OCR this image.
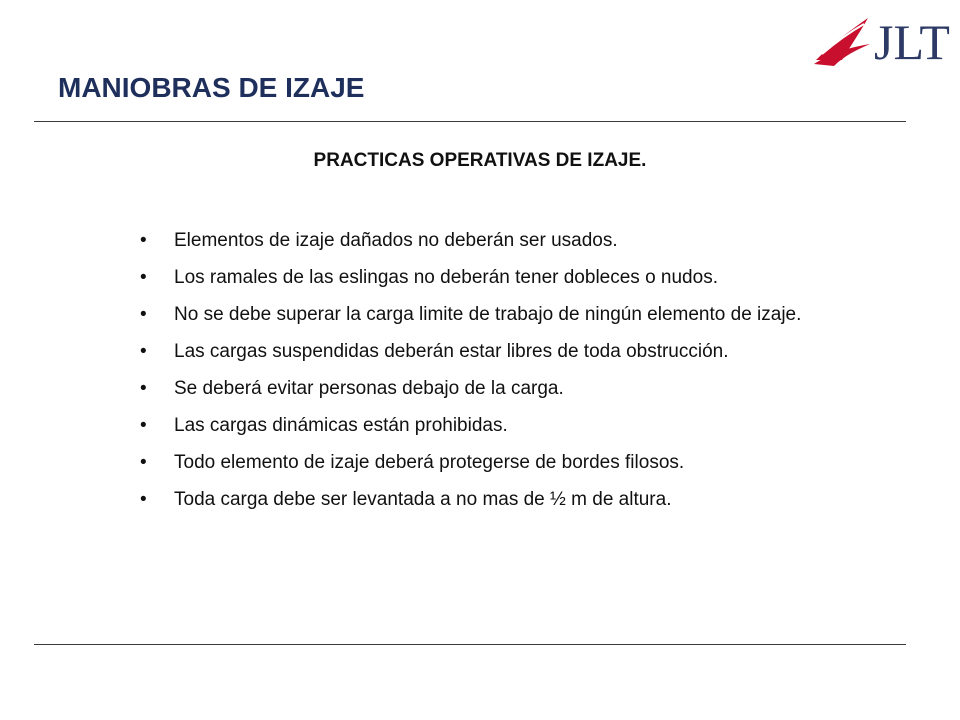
JLT
MANIOBRAS DE IZAJE
PRACTICAS OPERATIVAS DE IZAJE.
• Elementos de izaje dañados no deberán ser usados.
• Los ramales de las eslingas no deberán tener dobleces o nudos.
• No se debe superar la carga limite de trabajo de ningún elemento de izaje.
• Las cargas suspendidas deberán estar libres de toda obstrucción.
• Se deberá evitar personas debajo de la carga.
• Las cargas dinámicas están prohibidas.
• Todo elemento de izaje deberá protegerse de bordes filosos.
• Toda carga debe ser levantada a no mas de ½ m de altura.
